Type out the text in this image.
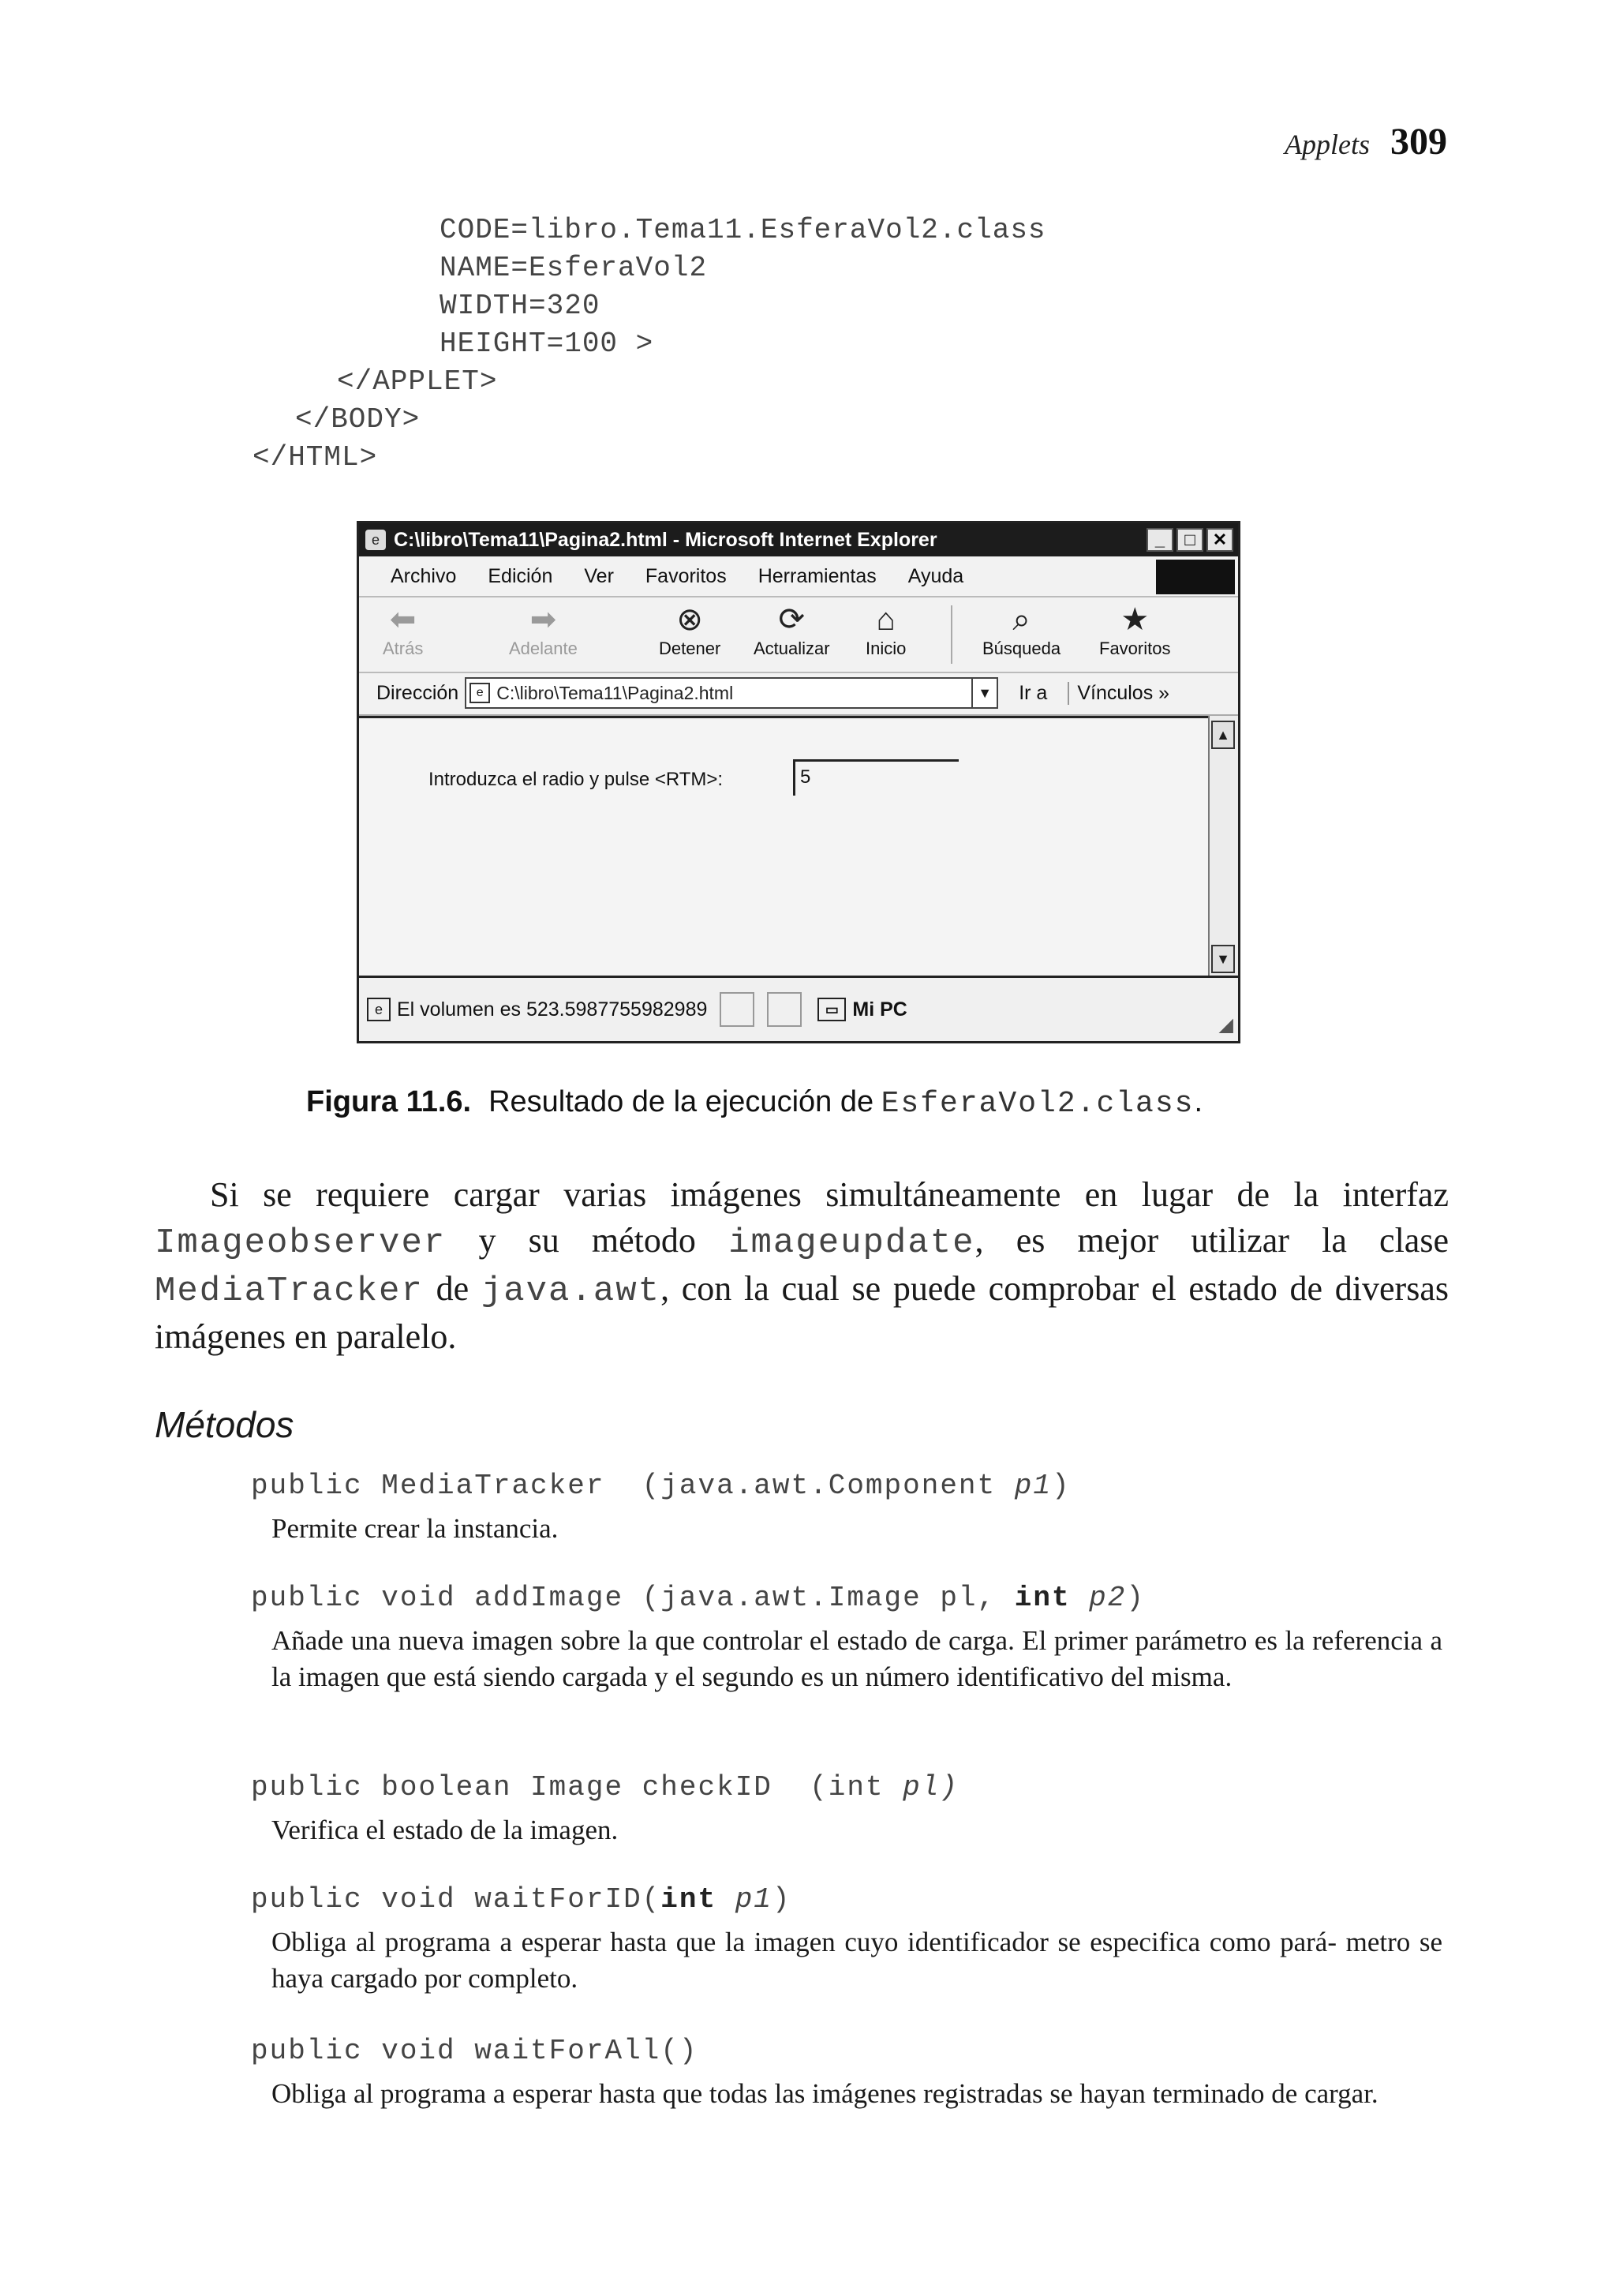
Applets 309
CODE=libro.Tema11.EsferaVol2.class
NAME=EsferaVol2
WIDTH=320
HEIGHT=100 >
</APPLET>
</BODY>
</HTML>
e C:\libro\Tema11\Pagina2.html - Microsoft Internet Explorer	_	□	✕
Archivo Edición Ver Favoritos Herramientas Ayuda
⬅
Atrás
➡
Adelante
⊗
Detener
⟳
Actualizar
⌂
Inicio
⌕
Búsqueda
★
Favoritos
Dirección	e C:\libro\Tema11\Pagina2.html	▼ Ir a	Vínculos »
Introduzca el radio y pulse <RTM>:	5
▲
▼
e El volumen es 523.5987755982989	▭ Mi PC
◢
Figura 11.6. Resultado de la ejecución de EsferaVol2.class.
Si se requiere cargar varias imágenes simultáneamente en lugar de la interfaz Imageobserver y su método imageupdate, es mejor utilizar la clase MediaTracker de java.awt, con la cual se puede comprobar el estado de diversas imágenes en paralelo.
Métodos
public MediaTracker  (java.awt.Component p1)
Permite crear la instancia.
public void addImage (java.awt.Image pl, int p2)
Añade una nueva imagen sobre la que controlar el estado de carga. El primer parámetro es la referencia a la imagen que está siendo cargada y el segundo es un número identificativo del misma.
public boolean Image checkID  (int pl)
Verifica el estado de la imagen.
public void waitForID(int p1)
Obliga al programa a esperar hasta que la imagen cuyo identificador se especifica como pará- metro se haya cargado por completo.
public void waitForAll()
Obliga al programa a esperar hasta que todas las imágenes registradas se hayan terminado de cargar.
